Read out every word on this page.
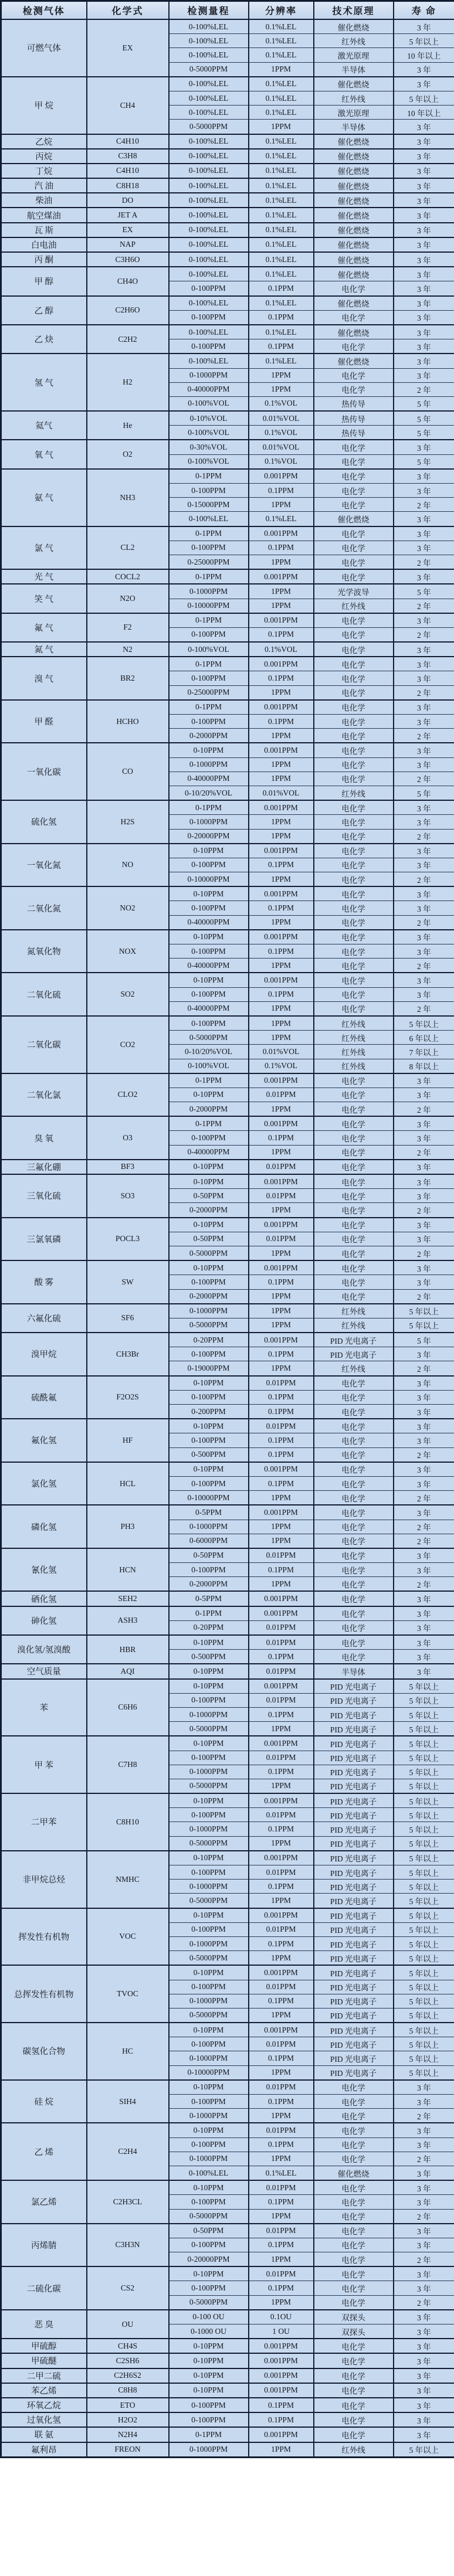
检测气体	化学式	检测量程	分辨率	技术原理	寿 命
可燃气体	EX	0-100%LEL	0.1%LEL	催化燃烧	3 年
		0-100%LEL	0.1%LEL	红外线	5 年以上
		0-100%LEL	0.1%LEL	激光原理	10 年以上
		0-5000PPM	1PPM	半导体	3 年
甲 烷	CH4	0-100%LEL	0.1%LEL	催化燃烧	3 年
		0-100%LEL	0.1%LEL	红外线	5 年以上
		0-100%LEL	0.1%LEL	激光原理	10 年以上
		0-5000PPM	1PPM	半导体	3 年
乙烷	C4H10	0-100%LEL	0.1%LEL	催化燃烧	3 年
丙烷	C3H8	0-100%LEL	0.1%LEL	催化燃烧	3 年
丁烷	C4H10	0-100%LEL	0.1%LEL	催化燃烧	3 年
汽 油	C8H18	0-100%LEL	0.1%LEL	催化燃烧	3 年
柴油	DO	0-100%LEL	0.1%LEL	催化燃烧	3 年
航空煤油	JET A	0-100%LEL	0.1%LEL	催化燃烧	3 年
瓦 斯	EX	0-100%LEL	0.1%LEL	催化燃烧	3 年
白电油	NAP	0-100%LEL	0.1%LEL	催化燃烧	3 年
丙 酮	C3H6O	0-100%LEL	0.1%LEL	催化燃烧	3 年
甲 醇	CH4O	0-100%LEL	0.1%LEL	催化燃烧	3 年
		0-100PPM	0.1PPM	电化学	3 年
乙 醇	C2H6O	0-100%LEL	0.1%LEL	催化燃烧	3 年
		0-100PPM	0.1PPM	电化学	3 年
乙 炔	C2H2	0-100%LEL	0.1%LEL	催化燃烧	3 年
		0-100PPM	0.1PPM	电化学	3 年
氢 气	H2	0-100%LEL	0.1%LEL	催化燃烧	3 年
		0-1000PPM	1PPM	电化学	3 年
		0-40000PPM	1PPM	电化学	2 年
		0-100%VOL	0.1%VOL	热传导	5 年
氦气	He	0-10%VOL	0.01%VOL	热传导	5 年
		0-100%VOL	0.1%VOL	热传导	5 年
氧 气	O2	0-30%VOL	0.01%VOL	电化学	3 年
		0-100%VOL	0.1%VOL	电化学	5 年
氨 气	NH3	0-1PPM	0.001PPM	电化学	3 年
		0-100PPM	0.1PPM	电化学	3 年
		0-15000PPM	1PPM	电化学	2 年
		0-100%LEL	0.1%LEL	催化燃烧	3 年
氯 气	CL2	0-1PPM	0.001PPM	电化学	3 年
		0-100PPM	0.1PPM	电化学	3 年
		0-25000PPM	1PPM	电化学	2 年
光 气	COCL2	0-1PPM	0.001PPM	电化学	3 年
笑 气	N2O	0-1000PPM	1PPM	光学波导	5 年
		0-10000PPM	1PPM	红外线	2 年
氟 气	F2	0-1PPM	0.001PPM	电化学	3 年
		0-100PPM	0.1PPM	电化学	2 年
氮 气	N2	0-100%VOL	0.1%VOL	电化学	3 年
溴 气	BR2	0-1PPM	0.001PPM	电化学	3 年
		0-100PPM	0.1PPM	电化学	3 年
		0-25000PPM	1PPM	电化学	2 年
甲 醛	HCHO	0-1PPM	0.001PPM	电化学	3 年
		0-100PPM	0.1PPM	电化学	3 年
		0-2000PPM	1PPM	电化学	2 年
一氧化碳	CO	0-10PPM	0.001PPM	电化学	3 年
		0-1000PPM	1PPM	电化学	3 年
		0-40000PPM	1PPM	电化学	2 年
		0-10/20%VOL	0.01%VOL	红外线	5 年
硫化氢	H2S	0-1PPM	0.001PPM	电化学	3 年
		0-1000PPM	1PPM	电化学	3 年
		0-20000PPM	1PPM	电化学	2 年
一氧化氮	NO	0-10PPM	0.001PPM	电化学	3 年
		0-100PPM	0.1PPM	电化学	3 年
		0-10000PPM	1PPM	电化学	2 年
二氧化氮	NO2	0-10PPM	0.001PPM	电化学	3 年
		0-100PPM	0.1PPM	电化学	3 年
		0-40000PPM	1PPM	电化学	2 年
氮氧化物	NOX	0-10PPM	0.001PPM	电化学	3 年
		0-100PPM	0.1PPM	电化学	3 年
		0-40000PPM	1PPM	电化学	2 年
二氧化硫	SO2	0-10PPM	0.001PPM	电化学	3 年
		0-100PPM	0.1PPM	电化学	3 年
		0-40000PPM	1PPM	电化学	2 年
二氧化碳	CO2	0-100PPM	1PPM	红外线	5 年以上
		0-5000PPM	1PPM	红外线	6 年以上
		0-10/20%VOL	0.01%VOL	红外线	7 年以上
		0-100%VOL	0.1%VOL	红外线	8 年以上
二氧化氯	CLO2	0-1PPM	0.001PPM	电化学	3 年
		0-10PPM	0.01PPM	电化学	3 年
		0-2000PPM	1PPM	电化学	2 年
臭 氧	O3	0-1PPM	0.001PPM	电化学	3 年
		0-100PPM	0.1PPM	电化学	3 年
		0-40000PPM	1PPM	电化学	2 年
三氟化硼	BF3	0-10PPM	0.01PPM	电化学	3 年
三氧化硫	SO3	0-10PPM	0.001PPM	电化学	3 年
		0-50PPM	0.01PPM	电化学	3 年
		0-2000PPM	1PPM	电化学	2 年
三氯氧磷	POCL3	0-10PPM	0.001PPM	电化学	3 年
		0-50PPM	0.01PPM	电化学	3 年
		0-5000PPM	1PPM	电化学	2 年
酸 雾	SW	0-10PPM	0.001PPM	电化学	3 年
		0-100PPM	0.1PPM	电化学	3 年
		0-2000PPM	1PPM	电化学	2 年
六氟化硫	SF6	0-1000PPM	1PPM	红外线	5 年以上
		0-5000PPM	1PPM	红外线	5 年以上
溴甲烷	CH3Br	0-20PPM	0.001PPM	PID 光电离子	5 年
		0-100PPM	0.1PPM	PID 光电离子	3 年
		0-19000PPM	1PPM	红外线	2 年
硫酰氟	F2O2S	0-10PPM	0.01PPM	电化学	3 年
		0-100PPM	0.1PPM	电化学	3 年
		0-200PPM	0.1PPM	电化学	3 年
氟化氢	HF	0-10PPM	0.01PPM	电化学	3 年
		0-100PPM	0.1PPM	电化学	3 年
		0-500PPM	0.1PPM	电化学	2 年
氯化氢	HCL	0-10PPM	0.001PPM	电化学	3 年
		0-100PPM	0.1PPM	电化学	3 年
		0-10000PPM	1PPM	电化学	2 年
磷化氢	PH3	0-5PPM	0.001PPM	电化学	3 年
		0-1000PPM	1PPM	电化学	2 年
		0-6000PPM	1PPM	电化学	2 年
氰化氢	HCN	0-50PPM	0.01PPM	电化学	3 年
		0-100PPM	0.1PPM	电化学	3 年
		0-2000PPM	1PPM	电化学	2 年
硒化氢	SEH2	0-5PPM	0.001PPM	电化学	3 年
砷化氢	ASH3	0-1PPM	0.001PPM	电化学	3 年
		0-20PPM	0.01PPM	电化学	3 年
溴化氢/氢溴酸	HBR	0-10PPM	0.01PPM	电化学	3 年
		0-500PPM	0.1PPM	电化学	3 年
空气质量	AQI	0-10PPM	0.01PPM	半导体	3 年
苯	C6H6	0-10PPM	0.001PPM	PID 光电离子	5 年以上
		0-100PPM	0.01PPM	PID 光电离子	5 年以上
		0-1000PPM	0.1PPM	PID 光电离子	5 年以上
		0-5000PPM	1PPM	PID 光电离子	5 年以上
甲 苯	C7H8	0-10PPM	0.001PPM	PID 光电离子	5 年以上
		0-100PPM	0.01PPM	PID 光电离子	5 年以上
		0-1000PPM	0.1PPM	PID 光电离子	5 年以上
		0-5000PPM	1PPM	PID 光电离子	5 年以上
二甲苯	C8H10	0-10PPM	0.001PPM	PID 光电离子	5 年以上
		0-100PPM	0.01PPM	PID 光电离子	5 年以上
		0-1000PPM	0.1PPM	PID 光电离子	5 年以上
		0-5000PPM	1PPM	PID 光电离子	5 年以上
非甲烷总烃	NMHC	0-10PPM	0.001PPM	PID 光电离子	5 年以上
		0-100PPM	0.01PPM	PID 光电离子	5 年以上
		0-1000PPM	0.1PPM	PID 光电离子	5 年以上
		0-5000PPM	1PPM	PID 光电离子	5 年以上
挥发性有机物	VOC	0-10PPM	0.001PPM	PID 光电离子	5 年以上
		0-100PPM	0.01PPM	PID 光电离子	5 年以上
		0-1000PPM	0.1PPM	PID 光电离子	5 年以上
		0-5000PPM	1PPM	PID 光电离子	5 年以上
总挥发性有机物	TVOC	0-10PPM	0.001PPM	PID 光电离子	5 年以上
		0-100PPM	0.01PPM	PID 光电离子	5 年以上
		0-1000PPM	0.1PPM	PID 光电离子	5 年以上
		0-5000PPM	1PPM	PID 光电离子	5 年以上
碳氢化合物	HC	0-10PPM	0.001PPM	PID 光电离子	5 年以上
		0-100PPM	0.01PPM	PID 光电离子	5 年以上
		0-1000PPM	0.1PPM	PID 光电离子	5 年以上
		0-10000PPM	1PPM	PID 光电离子	5 年以上
硅 烷	SIH4	0-10PPM	0.01PPM	电化学	3 年
		0-100PPM	0.1PPM	电化学	3 年
		0-1000PPM	1PPM	电化学	2 年
乙 烯	C2H4	0-10PPM	0.01PPM	电化学	3 年
		0-100PPM	0.1PPM	电化学	3 年
		0-1000PPM	1PPM	电化学	2 年
		0-100%LEL	0.1%LEL	催化燃烧	3 年
氯乙烯	C2H3CL	0-10PPM	0.01PPM	电化学	3 年
		0-100PPM	0.1PPM	电化学	3 年
		0-5000PPM	1PPM	电化学	2 年
丙烯腈	C3H3N	0-50PPM	0.01PPM	电化学	3 年
		0-100PPM	0.1PPM	电化学	3 年
		0-20000PPM	1PPM	电化学	2 年
二硫化碳	CS2	0-10PPM	0.01PPM	电化学	3 年
		0-100PPM	0.1PPM	电化学	3 年
		0-5000PPM	1PPM	电化学	2 年
恶 臭	OU	0-100 OU	0.1OU	双探头	3 年
		0-1000 OU	1 OU	双探头	3 年
甲硫醇	CH4S	0-10PPM	0.001PPM	电化学	3 年
甲硫醚	C2SH6	0-10PPM	0.001PPM	电化学	3 年
二甲二硫	C2H6S2	0-10PPM	0.001PPM	电化学	3 年
苯乙烯	C8H8	0-10PPM	0.001PPM	电化学	3 年
环氧乙烷	ETO	0-100PPM	0.1PPM	电化学	3 年
过氧化氢	H2O2	0-100PPM	0.1PPM	电化学	3 年
联 氨	N2H4	0-1PPM	0.001PPM	电化学	3 年
氟利昂	FREON	0-1000PPM	1PPM	红外线	5 年以上
